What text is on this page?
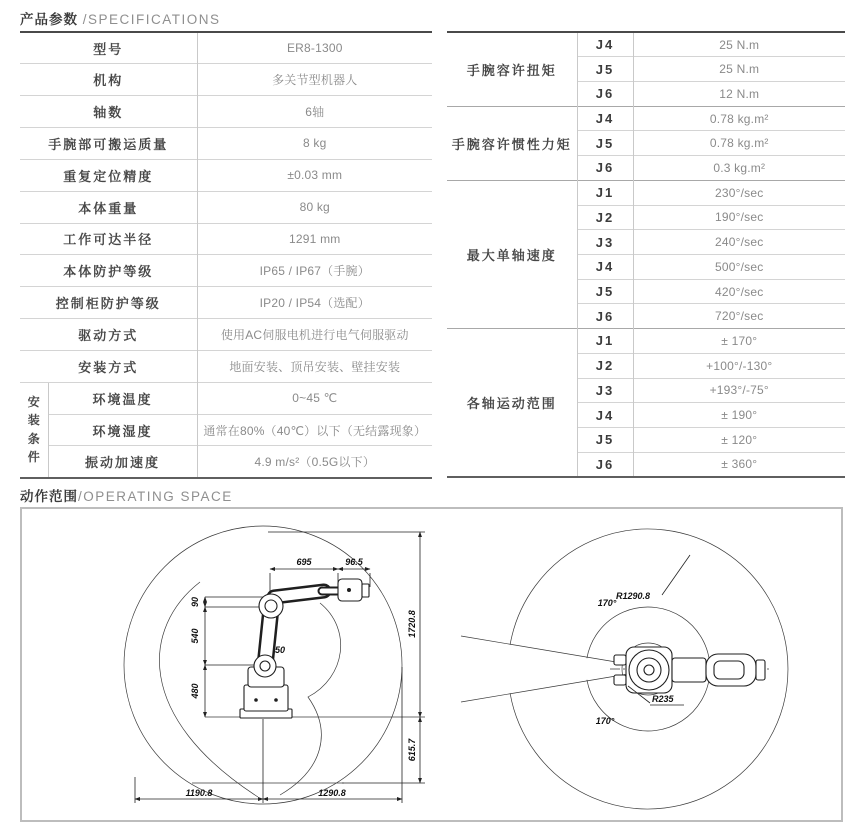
产品参数 /SPECIFICATIONS
型号		ER8-1300
机构		多关节型机器人
轴数		6轴
手腕部可搬运质量		8 kg
重复定位精度		±0.03 mm
本体重量		80 kg
工作可达半径		1291 mm
本体防护等级		IP65 / IP67（手腕）
控制柜防护等级		IP20 / IP54（选配）
驱动方式		使用AC伺服电机进行电气伺服驱动
安装方式		地面安装、顶吊安装、壁挂安装
安装条件	环境温度	0~45 ℃
	环境湿度	通常在80%（40℃）以下（无结露现象）
	振动加速度	4.9 m/s²（0.5G以下）
手腕容许扭矩	J4	25 N.m
	J5	25 N.m
	J6	12 N.m
手腕容许惯性力矩	J4	0.78 kg.m²
	J5	0.78 kg.m²
	J6	0.3 kg.m²
最大单轴速度	J1	230°/sec
	J2	190°/sec
	J3	240°/sec
	J4	500°/sec
	J5	420°/sec
	J6	720°/sec
各轴运动范围	J1	± 170°
	J2	+100°/-130°
	J3	+193°/-75°
	J4	± 190°
	J5	± 120°
	J6	± 360°
动作范围/OPERATING SPACE
695	96.5
90
540
480
1720.8
615.7
1190.8	1290.8
50
R1290.8
170°
170°
R235
